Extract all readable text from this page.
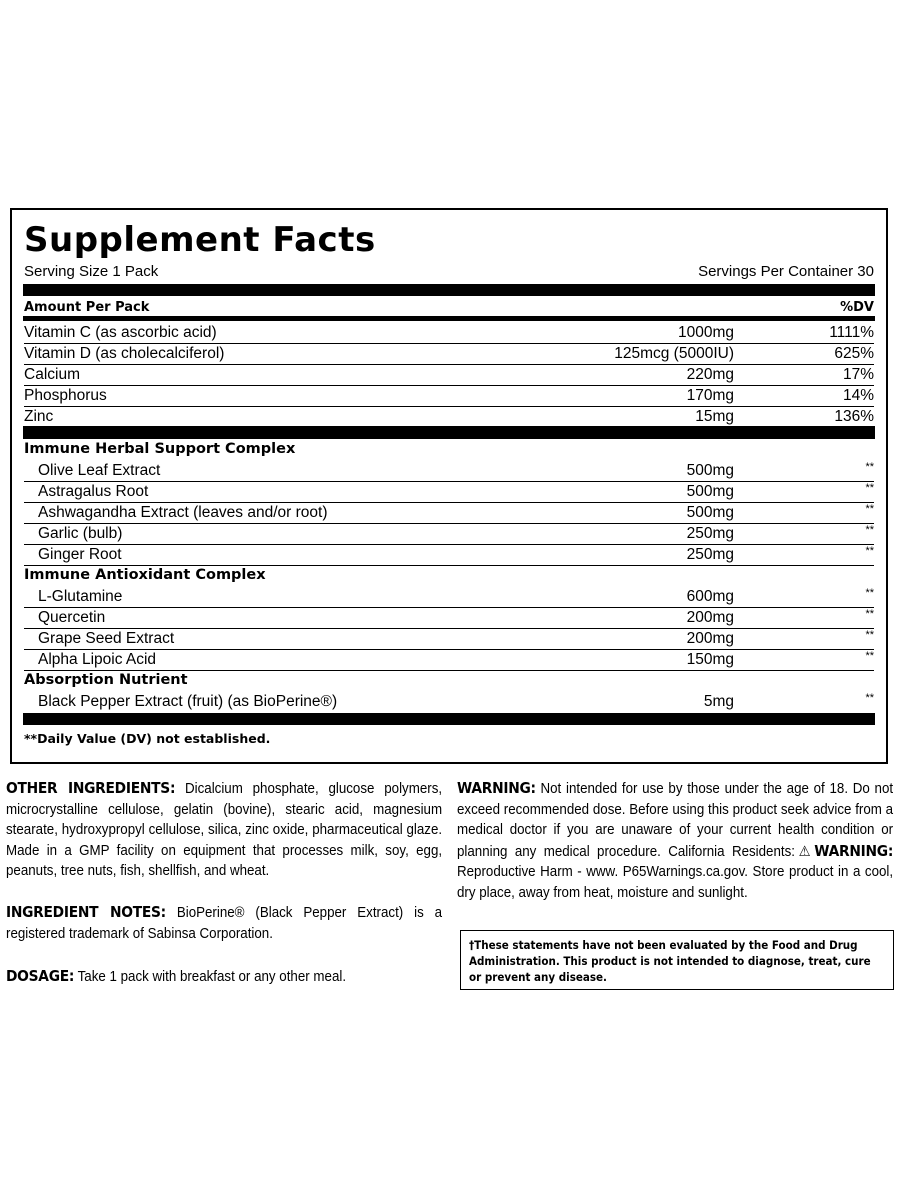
Supplement Facts
Serving Size 1 Pack	Servings Per Container 30
Amount Per Pack	%DV
Vitamin C (as ascorbic acid)	1000mg	1111%
Vitamin D (as cholecalciferol)	125mcg (5000IU)	625%
Calcium	220mg	17%
Phosphorus	170mg	14%
Zinc	15mg	136%
Immune Herbal Support Complex
Olive Leaf Extract	500mg	**
Astragalus Root	500mg	**
Ashwagandha Extract (leaves and/or root)	500mg	**
Garlic (bulb)	250mg	**
Ginger Root	250mg	**
Immune Antioxidant Complex
L-Glutamine	600mg	**
Quercetin	200mg	**
Grape Seed Extract	200mg	**
Alpha Lipoic Acid	150mg	**
Absorption Nutrient
Black Pepper Extract (fruit) (as BioPerine®)	5mg	**
**Daily Value (DV) not established.

OTHER INGREDIENTS: Dicalcium phosphate, glucose polymers, microcrystalline cellulose, gelatin (bovine), stearic acid, magnesium stearate, hydroxypropyl cellulose, silica, zinc oxide, pharmaceutical glaze. Made in a GMP facility on equipment that processes milk, soy, egg, peanuts, tree nuts, fish, shellfish, and wheat.

INGREDIENT NOTES: BioPerine® (Black Pepper Extract) is a registered trademark of Sabinsa Corporation.

DOSAGE: Take 1 pack with breakfast or any other meal.

WARNING: Not intended for use by those under the age of 18. Do not exceed recommended dose. Before using this product seek advice from a medical doctor if you are unaware of your current health condition or planning any medical procedure. California Residents:⚠WARNING: Reproductive Harm - www. P65Warnings.ca.gov. Store product in a cool, dry place, away from heat, moisture and sunlight.

†These statements have not been evaluated by the Food and Drug Administration. This product is not intended to diagnose, treat, cure or prevent any disease.
